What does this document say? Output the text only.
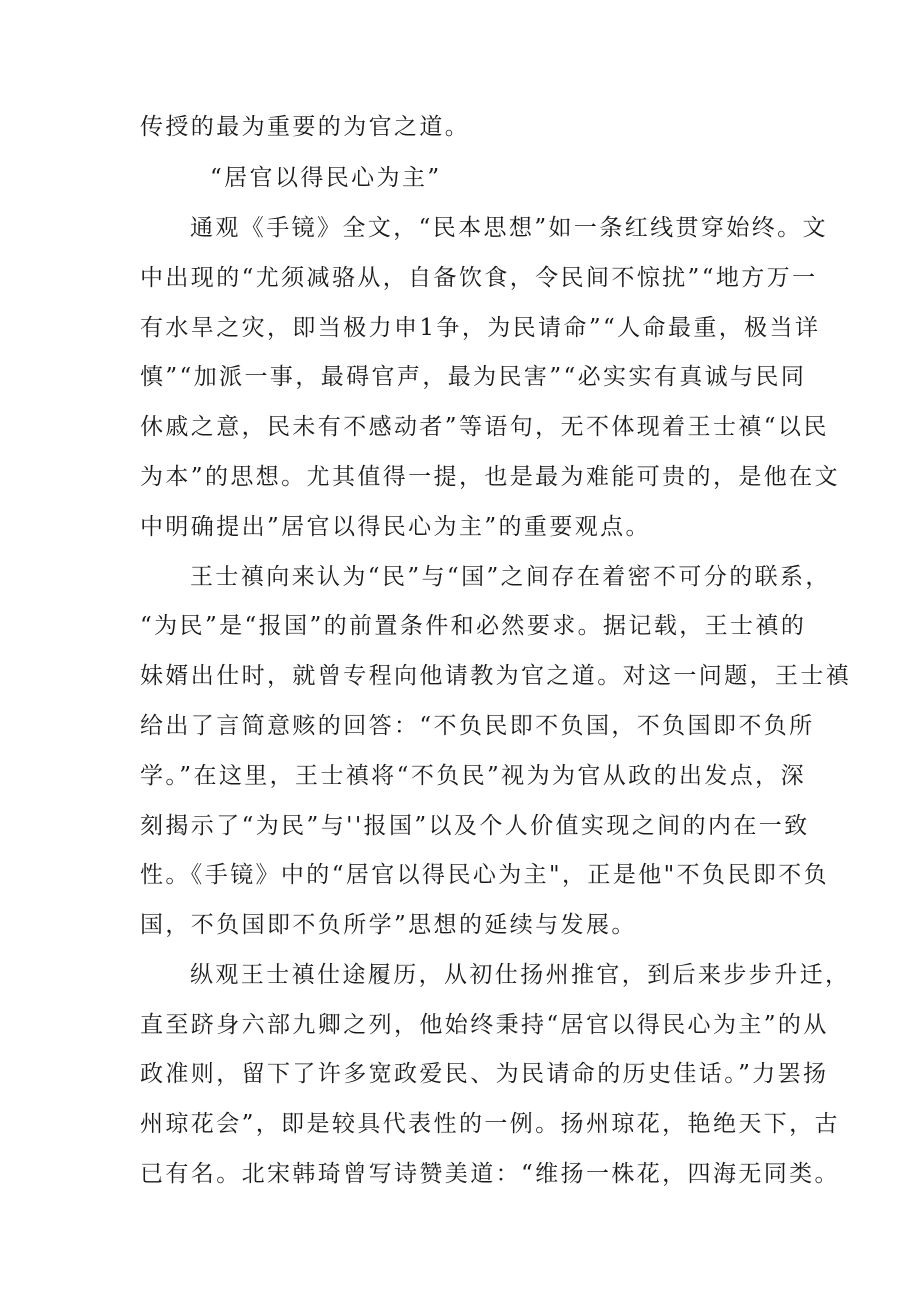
传授的最为重要的为官之道。
“居官以得民心为主”
通观《手镜》全文，“民本思想”如一条红线贯穿始终。文
中出现的“尤须减骆从，自备饮食，令民间不惊扰”“地方万一
有水旱之灾，即当极力申1争，为民请命”“人命最重，极当详
慎”“加派一事，最碍官声，最为民害”“必实实有真诚与民同
休戚之意，民未有不感动者”等语句，无不体现着王士禛“以民
为本”的思想。尤其值得一提，也是最为难能可贵的，是他在文
中明确提出”居官以得民心为主”的重要观点。
王士禛向来认为“民”与“国”之间存在着密不可分的联系，
“为民”是“报国”的前置条件和必然要求。据记载，王士禛的
妹婿出仕时，就曾专程向他请教为官之道。对这一问题，王士禛
给出了言简意赅的回答：“不负民即不负国，不负国即不负所
学。”在这里，王士禛将“不负民”视为为官从政的出发点，深
刻揭示了“为民”与''报国”以及个人价值实现之间的内在一致
性。《手镜》中的“居官以得民心为主"，正是他"不负民即不负
国，不负国即不负所学”思想的延续与发展。
纵观王士禛仕途履历，从初仕扬州推官，到后来步步升迁，
直至跻身六部九卿之列，他始终秉持“居官以得民心为主”的从
政准则，留下了许多宽政爱民、为民请命的历史佳话。”力罢扬
州琼花会”，即是较具代表性的一例。扬州琼花，艳绝天下，古
已有名。北宋韩琦曾写诗赞美道：“维扬一株花，四海无同类。
